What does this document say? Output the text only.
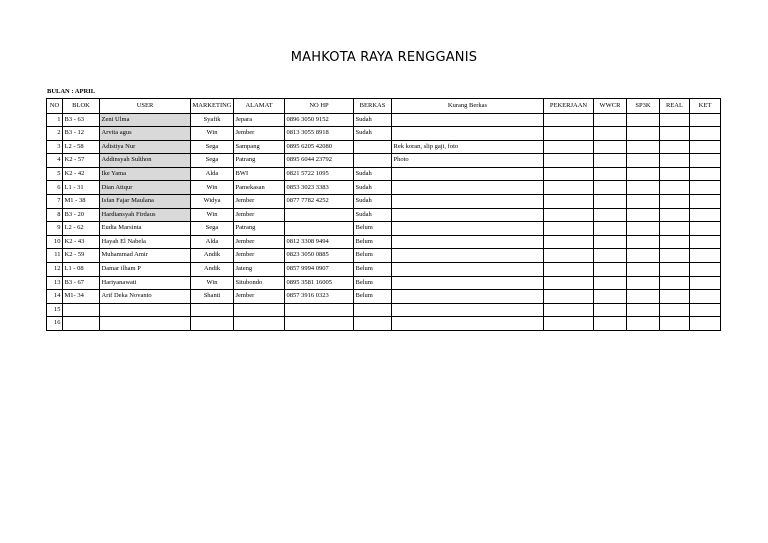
MAHKOTA RAYA RENGGANIS
BULAN : APRIL
NO	BLOK	USER	MARKETING	ALAMAT	NO HP	BERKAS	Kurang Berkas	PEKERJAAN	WWCR	SP3K	REAL	KET
1	B3 - 63	Zeni Ulma	Syafik	Jepara	0896 3050 9152	Sudah						
2	B3 - 12	Arvita agus	Win	Jember	0813 3055 8918	Sudah						
3	L2 - 58	Adistiya Nur	Sega	Sampang	0895 6205 42080		Rek koran, slip gaji, foto					
4	K2 - 57	Addinsyah Sulthon	Sega	Patrang	0895 6044 23792		Photo					
5	K2 - 42	Ike Yama	Alda	BWI	0821 5722 1095	Sudah						
6	L1 - 31	Dian Atiqur	Win	Pamekasan	0853 3023 3383	Sudah						
7	M1 - 38	Isfan Fajar Maulana	Widya	Jember	0877 7782 4252	Sudah						
8	B3 - 20	Hardiansyah Firdaus	Win	Jember		Sudah						
9	L2 - 62	Eudia Marsinta	Sega	Patrang		Belum						
10	K2 - 43	Hayah El Nabela	Alda	Jember	0812 3308 9494	Belum						
11	K2 - 59	Muhammad Amir	Andik	Jember	0823 3050 0885	Belum						
12	L1 - 08	Damar ilham P	Andik	Jateng	0857 9994 0907	Belum						
13	B3 - 67	Hariyanawati	Win	Situbondo	0895 3581 16005	Belum						
14	M1- 34	Arif Deka Novanto	Shanti	Jember	0857 3916 0323	Belum						
15												
16												
